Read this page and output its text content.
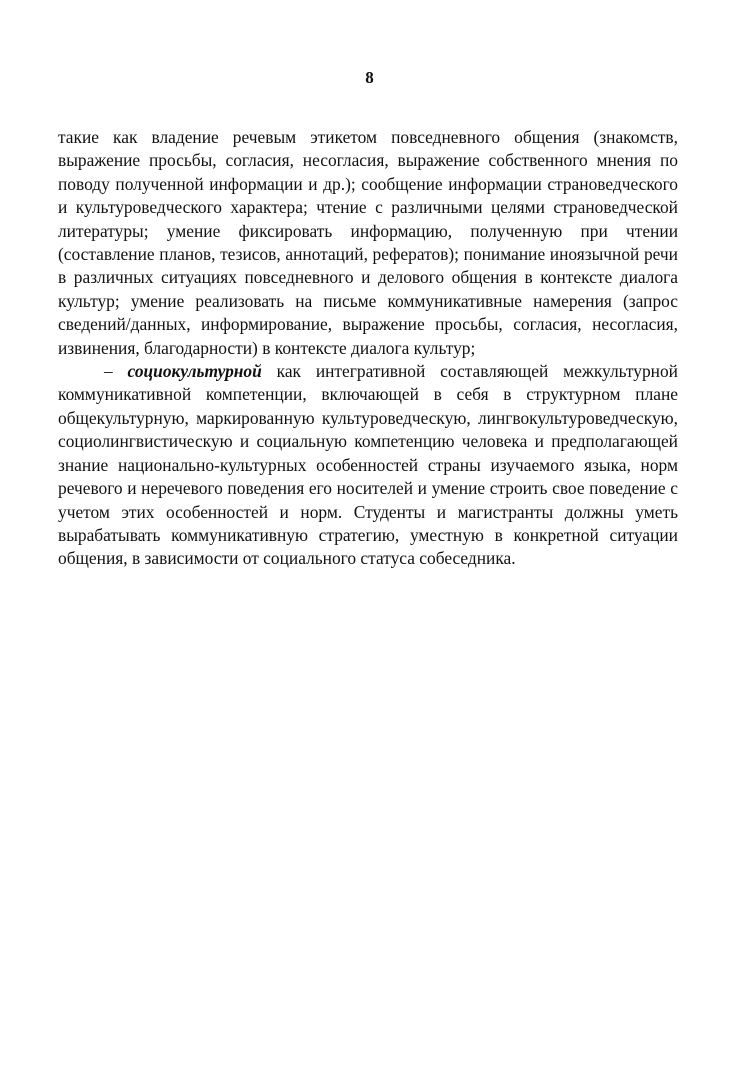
8

такие как владение речевым этикетом повседневного общения (знакомств, выражение просьбы, согласия, несогласия, выражение собственного мнения по поводу полученной информации и др.); сообщение информации страноведческого и культуроведческого характера; чтение с различными целями страноведческой литературы; умение фиксировать информацию, полученную при чтении (составление планов, тезисов, аннотаций, рефератов); понимание иноязычной речи в различных ситуациях повседневного и делового общения в контексте диалога культур; умение реализовать на письме коммуникативные намерения (запрос сведений/данных, информирование, выражение просьбы, согласия, несогласия, извинения, благодарности) в контексте диалога культур;

– социокультурной как интегративной составляющей межкультурной коммуникативной компетенции, включающей в себя в структурном плане общекультурную, маркированную культуроведческую, лингвокультуроведческую, социолингвистическую и социальную компетенцию человека и предполагающей знание национально-культурных особенностей страны изучаемого языка, норм речевого и неречевого поведения его носителей и умение строить свое поведение с учетом этих особенностей и норм. Студенты и магистранты должны уметь вырабатывать коммуникативную стратегию, уместную в конкретной ситуации общения, в зависимости от социального статуса собеседника.
